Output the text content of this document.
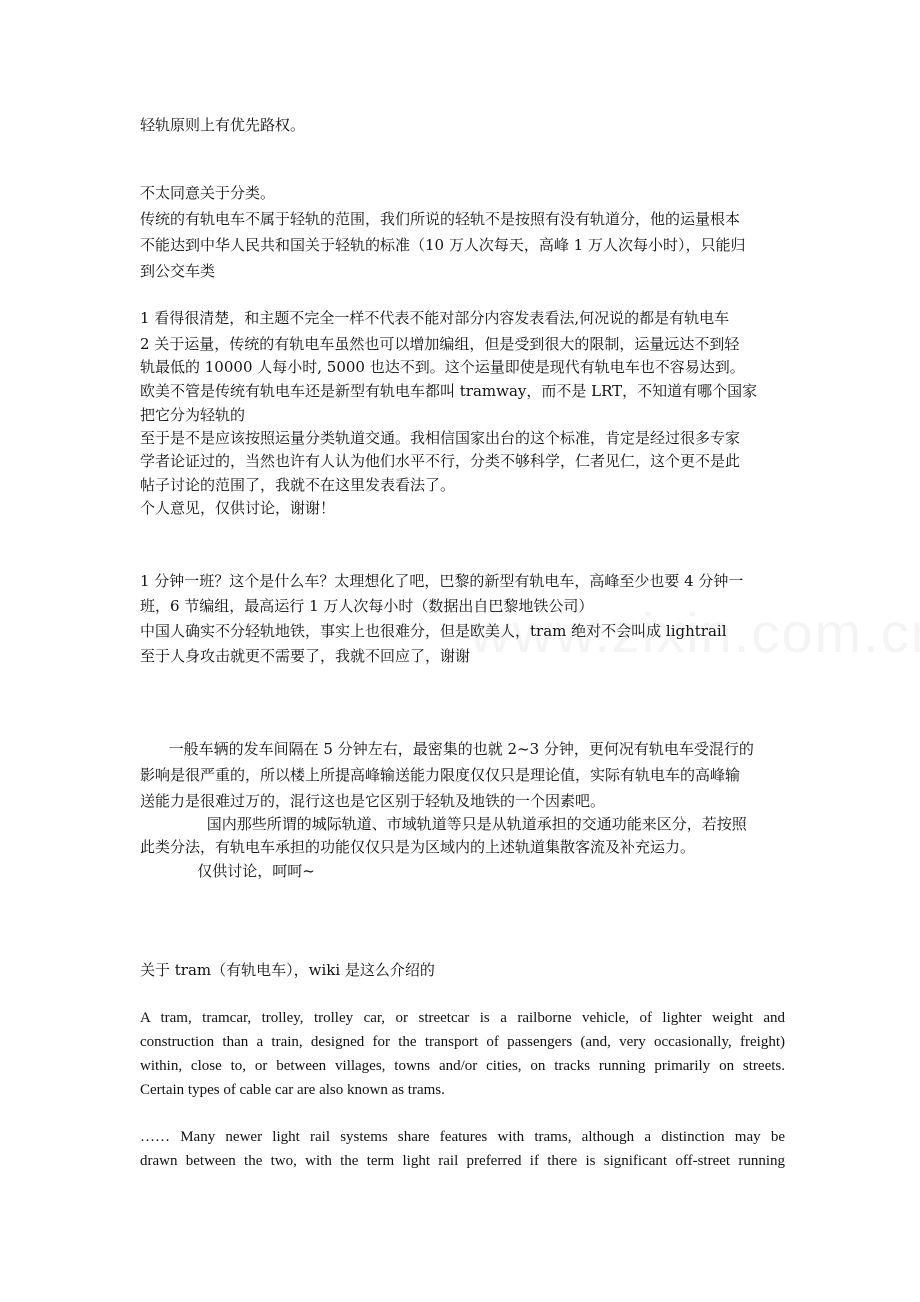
轻轨原则上有优先路权。
不太同意关于分类。
传统的有轨电车不属于轻轨的范围，我们所说的轻轨不是按照有没有轨道分，他的运量根本
不能达到中华人民共和国关于轻轨的标准（10 万人次每天，高峰 1 万人次每小时），只能归
到公交车类
1 看得很清楚，和主题不完全一样不代表不能对部分内容发表看法,何况说的都是有轨电车
2 关于运量，传统的有轨电车虽然也可以增加编组，但是受到很大的限制，运量远达不到轻
轨最低的 10000 人每小时, 5000 也达不到。这个运量即使是现代有轨电车也不容易达到。
欧美不管是传统有轨电车还是新型有轨电车都叫 tramway，而不是 LRT，不知道有哪个国家
把它分为轻轨的
至于是不是应该按照运量分类轨道交通。我相信国家出台的这个标准，肯定是经过很多专家
学者论证过的，当然也许有人认为他们水平不行，分类不够科学，仁者见仁，这个更不是此
帖子讨论的范围了，我就不在这里发表看法了。
个人意见，仅供讨论，谢谢！
1 分钟一班？这个是什么车？太理想化了吧，巴黎的新型有轨电车，高峰至少也要 4 分钟一
班，6 节编组，最高运行 1 万人次每小时（数据出自巴黎地铁公司）
中国人确实不分轻轨地铁，事实上也很难分，但是欧美人，tram 绝对不会叫成 lightrail
至于人身攻击就更不需要了，我就不回应了，谢谢
一般车辆的发车间隔在 5 分钟左右，最密集的也就 2~3 分钟，更何况有轨电车受混行的
影响是很严重的，所以楼上所提高峰输送能力限度仅仅只是理论值，实际有轨电车的高峰输
送能力是很难过万的，混行这也是它区别于轻轨及地铁的一个因素吧。
国内那些所谓的城际轨道、市域轨道等只是从轨道承担的交通功能来区分，若按照
此类分法，有轨电车承担的功能仅仅只是为区域内的上述轨道集散客流及补充运力。
仅供讨论，呵呵~
关于 tram（有轨电车），wiki 是这么介绍的
A tram, tramcar, trolley, trolley car, or streetcar is a railborne vehicle, of lighter weight and
construction than a train, designed for the transport of passengers (and, very occasionally, freight)
within, close to, or between villages, towns and/or cities, on tracks running primarily on streets.
Certain types of cable car are also known as trams.
…… Many newer light rail systems share features with trams, although a distinction may be
drawn between the two, with the term light rail preferred if there is significant off-street running
